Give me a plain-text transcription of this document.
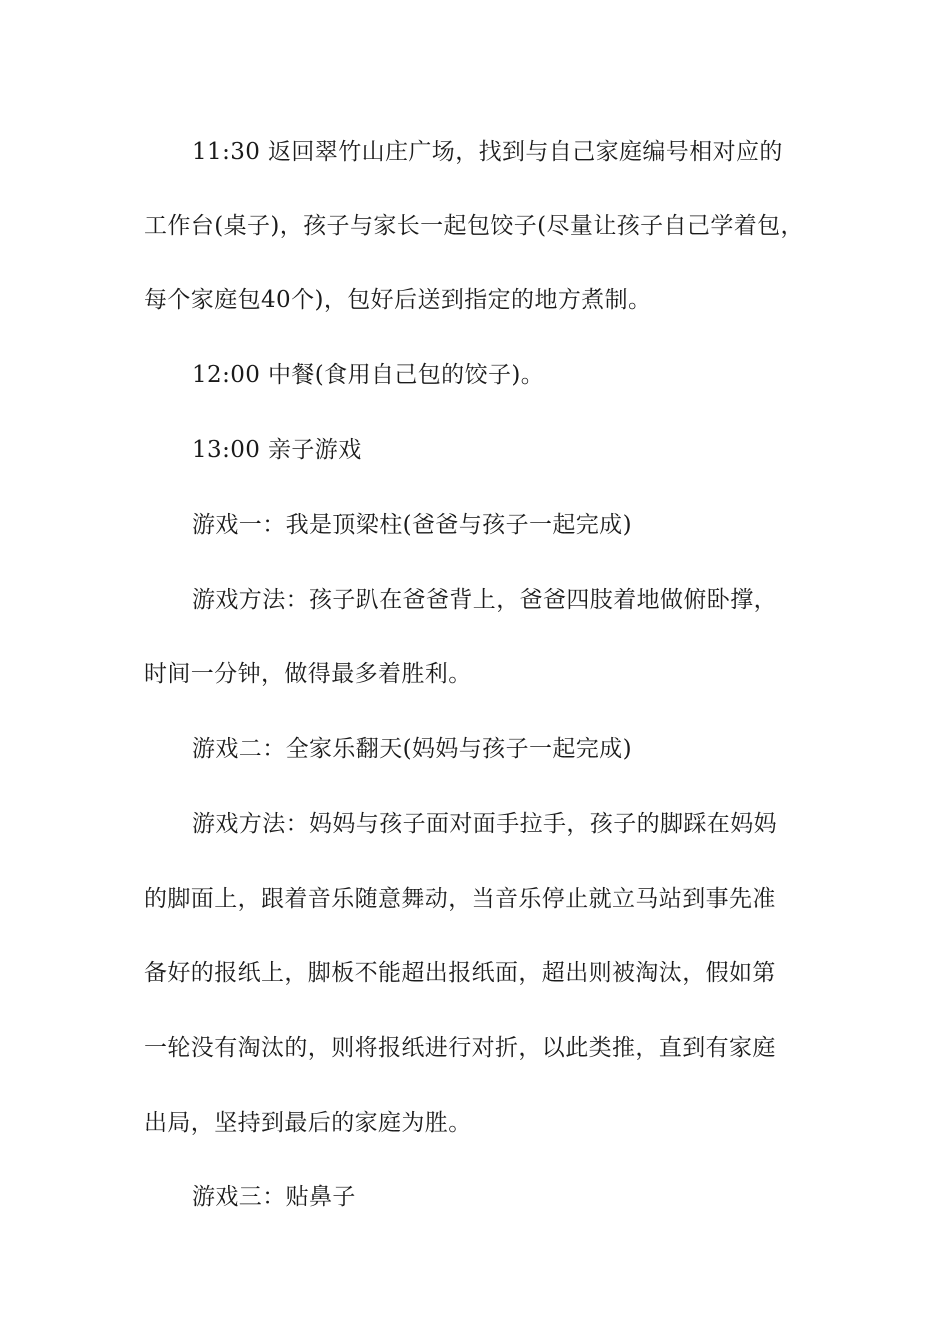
11:30 返回翠竹山庄广场，找到与自己家庭编号相对应的
工作台(桌子)，孩子与家长一起包饺子(尽量让孩子自己学着包，
每个家庭包40个)，包好后送到指定的地方煮制。
12:00 中餐(食用自己包的饺子)。
13:00 亲子游戏
游戏一：我是顶梁柱(爸爸与孩子一起完成)
游戏方法：孩子趴在爸爸背上，爸爸四肢着地做俯卧撑，
时间一分钟，做得最多着胜利。
游戏二：全家乐翻天(妈妈与孩子一起完成)
游戏方法：妈妈与孩子面对面手拉手，孩子的脚踩在妈妈
的脚面上，跟着音乐随意舞动，当音乐停止就立马站到事先准
备好的报纸上，脚板不能超出报纸面，超出则被淘汰，假如第
一轮没有淘汰的，则将报纸进行对折，以此类推，直到有家庭
出局，坚持到最后的家庭为胜。
游戏三：贴鼻子
